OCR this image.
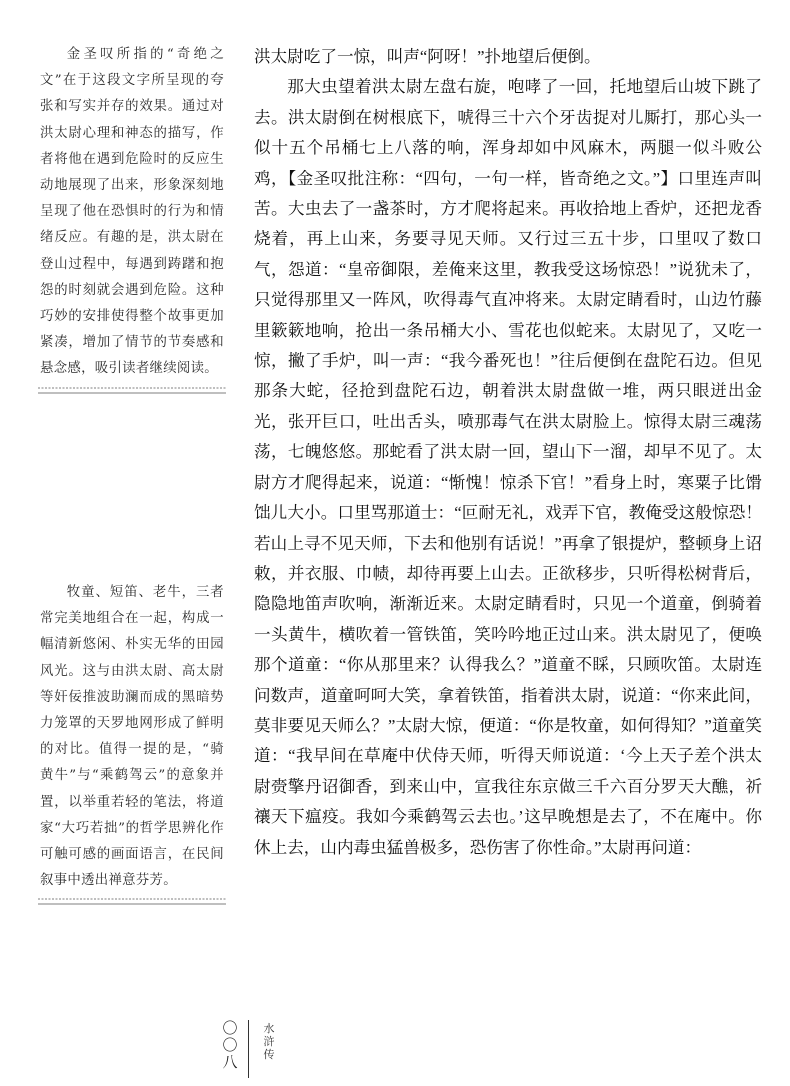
金圣叹所指的“奇绝之文”在于这段文字所呈现的夸张和写实并存的效果。通过对洪太尉心理和神态的描写，作者将他在遇到危险时的反应生动地展现了出来，形象深刻地呈现了他在恐惧时的行为和情绪反应。有趣的是，洪太尉在登山过程中，每遇到踌躇和抱怨的时刻就会遇到危险。这种巧妙的安排使得整个故事更加紧凑，增加了情节的节奏感和悬念感，吸引读者继续阅读。

牧童、短笛、老牛，三者常完美地组合在一起，构成一幅清新悠闲、朴实无华的田园风光。这与由洪太尉、高太尉等奸佞推波助澜而成的黑暗势力笼罩的天罗地网形成了鲜明的对比。值得一提的是，“骑黄牛”与“乘鹤驾云”的意象并置，以举重若轻的笔法，将道家“大巧若拙”的哲学思辨化作可触可感的画面语言，在民间叙事中透出禅意芬芳。

洪太尉吃了一惊，叫声“阿呀！”扑地望后便倒。

那大虫望着洪太尉左盘右旋，咆哮了一回，托地望后山坡下跳了去。洪太尉倒在树根底下，唬得三十六个牙齿捉对儿厮打，那心头一似十五个吊桶七上八落的响，浑身却如中风麻木，两腿一似斗败公鸡，【金圣叹批注称：“四句，一句一样，皆奇绝之文。”】口里连声叫苦。大虫去了一盏茶时，方才爬将起来。再收拾地上香炉，还把龙香烧着，再上山来，务要寻见天师。又行过三五十步，口里叹了数口气，怨道：“皇帝御限，差俺来这里，教我受这场惊恐！”说犹未了，只觉得那里又一阵风，吹得毒气直冲将来。太尉定睛看时，山边竹藤里簌簌地响，抢出一条吊桶大小、雪花也似蛇来。太尉见了，又吃一惊，撇了手炉，叫一声：“我今番死也！”往后便倒在盘陀石边。但见那条大蛇，径抢到盘陀石边，朝着洪太尉盘做一堆，两只眼迸出金光，张开巨口，吐出舌头，喷那毒气在洪太尉脸上。惊得太尉三魂荡荡，七魄悠悠。那蛇看了洪太尉一回，望山下一溜，却早不见了。太尉方才爬得起来，说道：“惭愧！惊杀下官！”看身上时，寒粟子比馉饳儿大小。口里骂那道士：“叵耐无礼，戏弄下官，教俺受这般惊恐！若山上寻不见天师，下去和他别有话说！”再拿了银提炉，整顿身上诏敕，并衣服、巾帻，却待再要上山去。正欲移步，只听得松树背后，隐隐地笛声吹响，渐渐近来。太尉定睛看时，只见一个道童，倒骑着一头黄牛，横吹着一管铁笛，笑吟吟地正过山来。洪太尉见了，便唤那个道童：“你从那里来？认得我么？”道童不睬，只顾吹笛。太尉连问数声，道童呵呵大笑，拿着铁笛，指着洪太尉，说道：“你来此间，莫非要见天师么？”太尉大惊，便道：“你是牧童，如何得知？”道童笑道：“我早间在草庵中伏侍天师，听得天师说道：‘今上天子差个洪太尉赍擎丹诏御香，到来山中，宣我往东京做三千六百分罗天大醮，祈禳天下瘟疫。我如今乘鹤驾云去也。’这早晚想是去了，不在庵中。你休上去，山内毒虫猛兽极多，恐伤害了你性命。”太尉再问道：

〇
〇
八
水
浒
传
